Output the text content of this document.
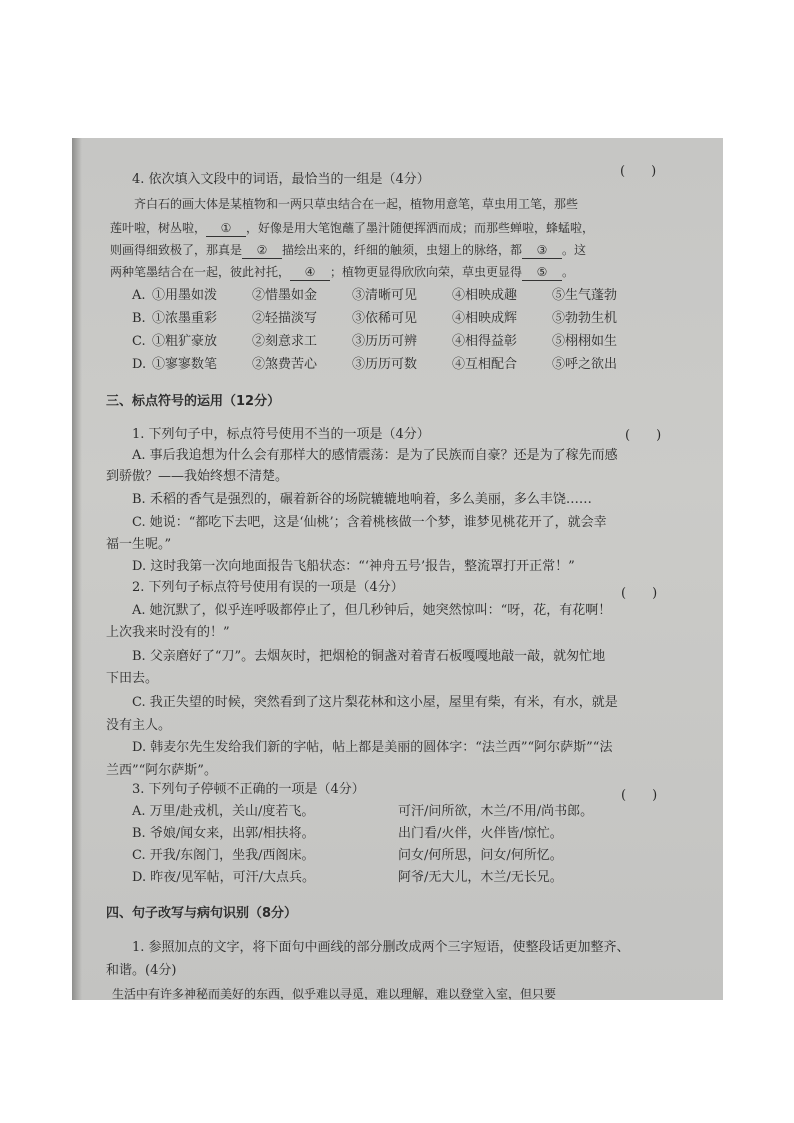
4. 依次填入文段中的词语，最恰当的一组是（4分）
(　　)
齐白石的画大体是某植物和一两只草虫结合在一起，植物用意笔，草虫用工笔，那些
莲叶啦，树丛啦， ① ，好像是用大笔饱蘸了墨汁随便挥洒而成；而那些蝉啦，蜂蜢啦，
则画得细致极了，那真是 ② 描绘出来的，纤细的触须，虫翅上的脉络，都 ③ 。这
两种笔墨结合在一起，彼此衬托， ④ ；植物更显得欣欣向荣，草虫更显得 ⑤ 。
A. ①用墨如泼	②惜墨如金	③清晰可见	④相映成趣	⑤生气蓬勃
B. ①浓墨重彩	②轻描淡写	③依稀可见	④相映成辉	⑤勃勃生机
C. ①粗犷豪放	②刻意求工	③历历可辨	④相得益彰	⑤栩栩如生
D. ①寥寥数笔	②煞费苦心	③历历可数	④互相配合	⑤呼之欲出
三、标点符号的运用（12分）
1. 下列句子中，标点符号使用不当的一项是（4分）	(　　)
A. 事后我追想为什么会有那样大的感情震荡：是为了民族而自豪？还是为了稼先而感
到骄傲？——我始终想不清楚。
B. 禾稻的香气是强烈的，碾着新谷的场院辘辘地响着，多么美丽，多么丰饶……
C. 她说：“都吃下去吧，这是‘仙桃’；含着桃核做一个梦，谁梦见桃花开了，就会幸
福一生呢。”
D. 这时我第一次向地面报告飞船状态：“‘神舟五号’报告，整流罩打开正常！”
2. 下列句子标点符号使用有误的一项是（4分）	(　　)
A. 她沉默了，似乎连呼吸都停止了，但几秒钟后，她突然惊叫：“呀，花，有花啊！
上次我来时没有的！”
B. 父亲磨好了“刀”。去烟灰时，把烟枪的铜盏对着青石板嘎嘎地敲一敲，就匆忙地
下田去。
C. 我正失望的时候，突然看到了这片梨花林和这小屋，屋里有柴，有米，有水，就是
没有主人。
D. 韩麦尔先生发给我们新的字帖，帖上都是美丽的圆体字：“法兰西”“阿尔萨斯”“法
兰西”“阿尔萨斯”。
3. 下列句子停顿不正确的一项是（4分）	(　　)
A. 万里/赴戎机，关山/度若飞。	可汗/问所欲，木兰/不用/尚书郎。
B. 爷娘/闻女来，出郭/相扶将。	出门看/火伴，火伴皆/惊忙。
C. 开我/东阁门，坐我/西阁床。	问女/何所思，问女/何所忆。
D. 昨夜/见军帖，可汗/大点兵。	阿爷/无大儿，木兰/无长兄。
四、句子改写与病句识别（8分）
1. 参照加点的文字，将下面句中画线的部分删改成两个三字短语，使整段话更加整齐、
和谐。(4分)
生活中有许多神秘而美好的东西，似乎难以寻觅，难以理解，难以登堂入室，但只要
